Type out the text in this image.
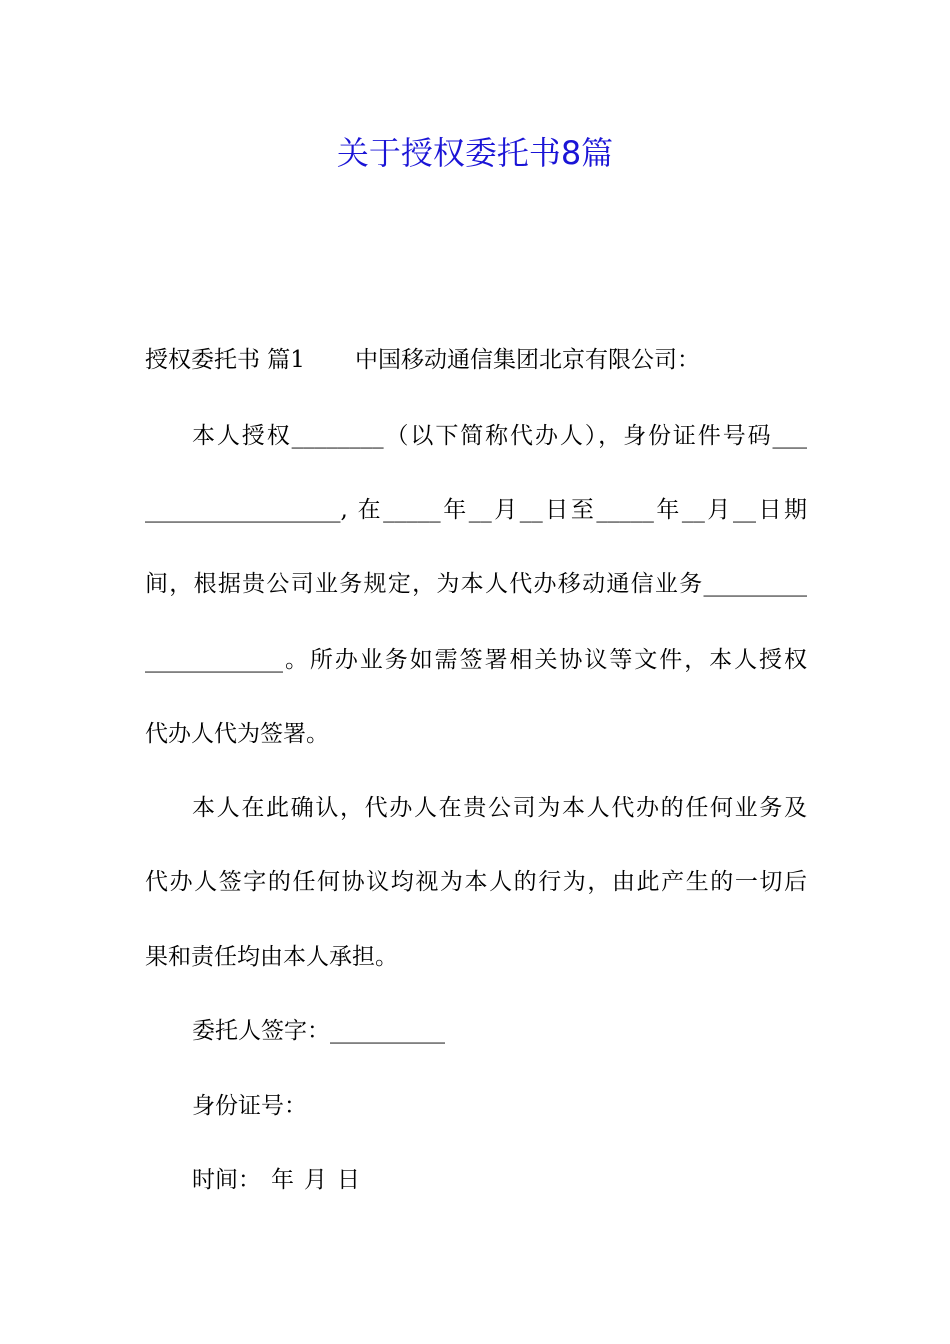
关于授权委托书8篇
授权委托书 篇1 中国移动通信集团北京有限公司：
本人授权________（以下简称代办人），身份证件号码___
_________________, 在_____年__月__日至_____年__月__日期
间，根据贵公司业务规定，为本人代办移动通信业务_________
____________。所办业务如需签署相关协议等文件，本人授权
代办人代为签署。
本人在此确认，代办人在贵公司为本人代办的任何业务及
代办人签字的任何协议均视为本人的行为，由此产生的一切后
果和责任均由本人承担。
委托人签字：__________
身份证号：
时间： 年 月 日
